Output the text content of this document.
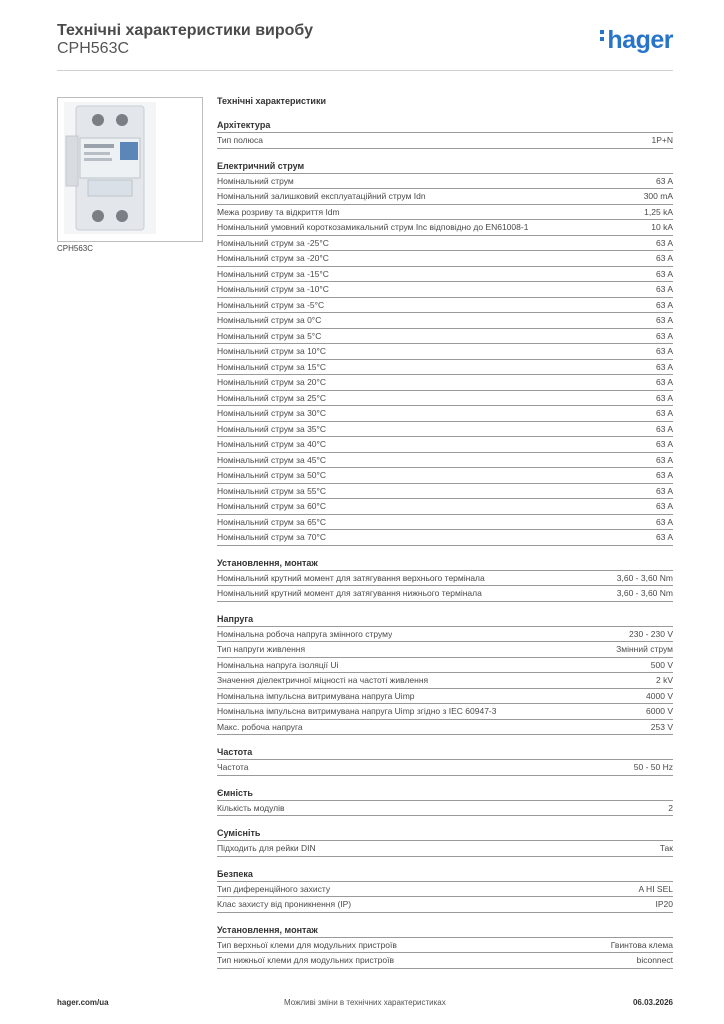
Технічні характеристики виробу
CPH563C	hager
CPH563C
Технічні характеристики
Архітектура
Тип полюса	1P+N
Електричний струм
Номінальний струм	63 A
Номінальний залишковий експлуатаційний струм Idn	300 mA
Межа розриву та відкриття Idm	1,25 kA
Номінальний умовний короткозамикальний струм Inc відповідно до EN61008-1	10 kA
Номінальний струм за -25°C	63 A
Номінальний струм за -20°C	63 A
Номінальний струм за -15°C	63 A
Номінальний струм за -10°C	63 A
Номінальний струм за -5°C	63 A
Номінальний струм за 0°C	63 A
Номінальний струм за 5°C	63 A
Номінальний струм за 10°C	63 A
Номінальний струм за 15°C	63 A
Номінальний струм за 20°C	63 A
Номінальний струм за 25°C	63 A
Номінальний струм за 30°C	63 A
Номінальний струм за 35°C	63 A
Номінальний струм за 40°C	63 A
Номінальний струм за 45°C	63 A
Номінальний струм за 50°C	63 A
Номінальний струм за 55°C	63 A
Номінальний струм за 60°C	63 A
Номінальний струм за 65°C	63 A
Номінальний струм за 70°C	63 A
Установлення, монтаж
Номінальний крутний момент для затягування верхнього термінала	3,60 - 3,60 Nm
Номінальний крутний момент для затягування нижнього термінала	3,60 - 3,60 Nm
Напруга
Номінальна робоча напруга змінного струму	230 - 230 V
Тип напруги живлення	Змінний струм
Номінальна напруга ізоляції Ui	500 V
Значення діелектричної міцності на частоті живлення	2 kV
Номінальна імпульсна витримувана напруга Uimp	4000 V
Номінальна імпульсна витримувана напруга Uimp згідно з IEC 60947-3	6000 V
Макс. робоча напруга	253 V
Частота
Частота	50 - 50 Hz
Ємність
Кількість модулів	2
Сумісніть
Підходить для рейки DIN	Так
Безпека
Тип диференційного захисту	A HI SEL
Клас захисту від проникнення (IP)	IP20
Установлення, монтаж
Тип верхньої клеми для модульних пристроїв	Гвинтова клема
Тип нижньої клеми для модульних пристроїв	biconnect
hager.com/ua	Можливі зміни в технічних характеристиках	06.03.2026
